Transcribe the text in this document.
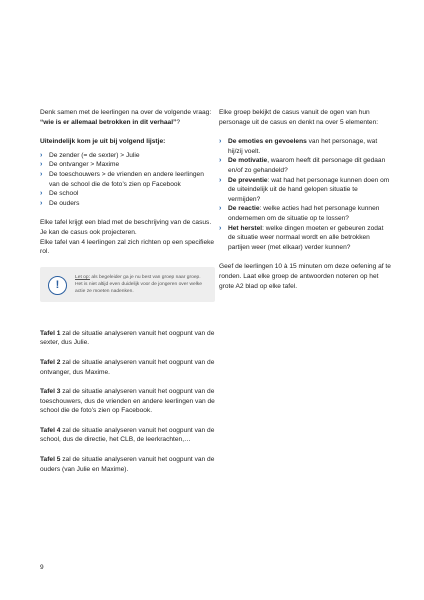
Denk samen met de leerlingen na over de volgende vraag: “wie is er allemaal betrokken in dit verhaal”?

Uiteindelijk kom je uit bij volgend lijstje:

› De zender (= de sexter) > Julie
› De ontvanger > Maxime
› De toeschouwers > de vrienden en andere leerlingen van de school die de foto’s zien op Facebook
› De school
› De ouders

Elke tafel krijgt een blad met de beschrijving van de casus. Je kan de casus ook projecteren.

Elke tafel van 4 leerlingen zal zich richten op een specifieke rol.

!
Let op: als begeleider ga je nu best van groep naar groep. Het is niet altijd even duidelijk voor de jongeren over welke actie ze moeten nadenken.

Tafel 1 zal de situatie analyseren vanuit het oogpunt van de sexter, dus Julie.

Tafel 2 zal de situatie analyseren vanuit het oogpunt van de ontvanger, dus Maxime.

Tafel 3 zal de situatie analyseren vanuit het oogpunt van de toeschouwers, dus de vrienden en andere leerlingen van de school die de foto’s zien op Facebook.

Tafel 4 zal de situatie analyseren vanuit het oogpunt van de school, dus de directie, het CLB, de leerkrachten,…

Tafel 5 zal de situatie analyseren vanuit het oogpunt van de ouders (van Julie en Maxime).

Elke groep bekijkt de casus vanuit de ogen van hun personage uit de casus en denkt na over 5 elementen:

› De emoties en gevoelens van het personage, wat hij/zij voelt.
› De motivatie, waarom heeft dit personage dit gedaan en/of zo gehandeld?
› De preventie: wat had het personage kunnen doen om de uiteindelijk uit de hand gelopen situatie te vermijden?
› De reactie: welke acties had het personage kunnen ondernemen om de situatie op te lossen?
› Het herstel: welke dingen moeten er gebeuren zodat de situatie weer normaal wordt en alle betrokken partijen weer (met elkaar) verder kunnen?

Geef de leerlingen 10 à 15 minuten om deze oefening af te ronden. Laat elke groep de antwoorden noteren op het grote A2 blad op elke tafel.

9
